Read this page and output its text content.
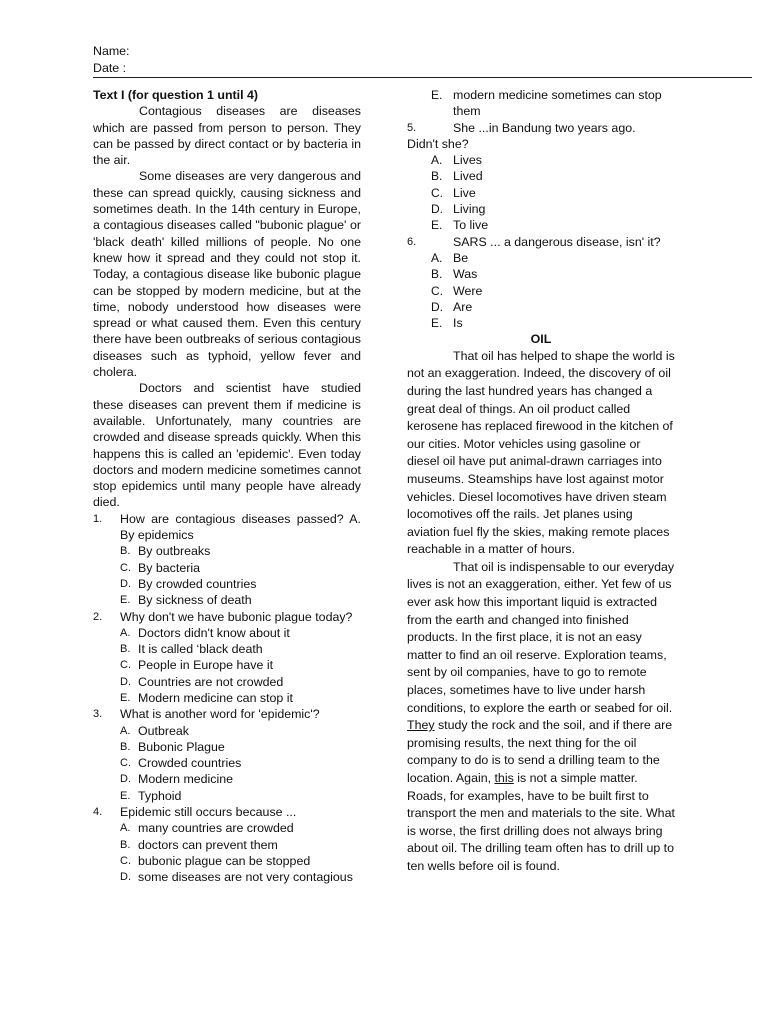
Name:
Date :
Text I (for question 1 until 4)

Contagious diseases are diseases which are passed from person to person. They can be passed by direct contact or by bacteria in the air.

Some diseases are very dangerous and these can spread quickly, causing sickness and sometimes death. In the 14th century in Europe, a contagious diseases called "bubonic plague' or 'black death' killed millions of people. No one knew how it spread and they could not stop it. Today, a contagious disease like bubonic plague can be stopped by modern medicine, but at the time, nobody understood how diseases were spread or what caused them. Even this century there have been outbreaks of serious contagious diseases such as typhoid, yellow fever and cholera.

Doctors and scientist have studied these diseases can prevent them if medicine is available. Unfortunately, many countries are crowded and disease spreads quickly. When this happens this is called an 'epidemic'. Even today doctors and modern medicine sometimes cannot stop epidemics until many people have already died.

1. How are contagious diseases passed? A. By epidemics
B. By outbreaks
C. By bacteria
D. By crowded countries
E. By sickness of death
2. Why don't we have bubonic plague today?
A. Doctors didn't know about it
B. It is called ‘black death
C. People in Europe have it
D. Countries are not crowded
E. Modern medicine can stop it
3. What is another word for 'epidemic'?
A. Outbreak
B. Bubonic Plague
C. Crowded countries
D. Modern medicine
E. Typhoid
4. Epidemic still occurs because ...
A. many countries are crowded
B. doctors can prevent them
C. bubonic plague can be stopped
D. some diseases are not very contagious
E. modern medicine sometimes can stop them
5.	She ...in Bandung two years ago.
Didn't she?
A. Lives
B. Lived
C. Live
D. Living
E. To live
6.	SARS ... a dangerous disease, isn' it?
A. Be
B. Was
C. Were
D. Are
E. Is
OIL

That oil has helped to shape the world is not an exaggeration. Indeed, the discovery of oil during the last hundred years has changed a great deal of things. An oil product called kerosene has replaced firewood in the kitchen of our cities. Motor vehicles using gasoline or diesel oil have put animal-drawn carriages into museums. Steamships have lost against motor vehicles. Diesel locomotives have driven steam locomotives off the rails. Jet planes using aviation fuel fly the skies, making remote places reachable in a matter of hours.

That oil is indispensable to our everyday lives is not an exaggeration, either. Yet few of us ever ask how this important liquid is extracted from the earth and changed into finished products. In the first place, it is not an easy matter to find an oil reserve. Exploration teams, sent by oil companies, have to go to remote places, sometimes have to live under harsh conditions, to explore the earth or seabed for oil. They study the rock and the soil, and if there are promising results, the next thing for the oil company to do is to send a drilling team to the location. Again, this is not a simple matter. Roads, for examples, have to be built first to transport the men and materials to the site. What is worse, the first drilling does not always bring about oil. The drilling team often has to drill up to ten wells before oil is found.
